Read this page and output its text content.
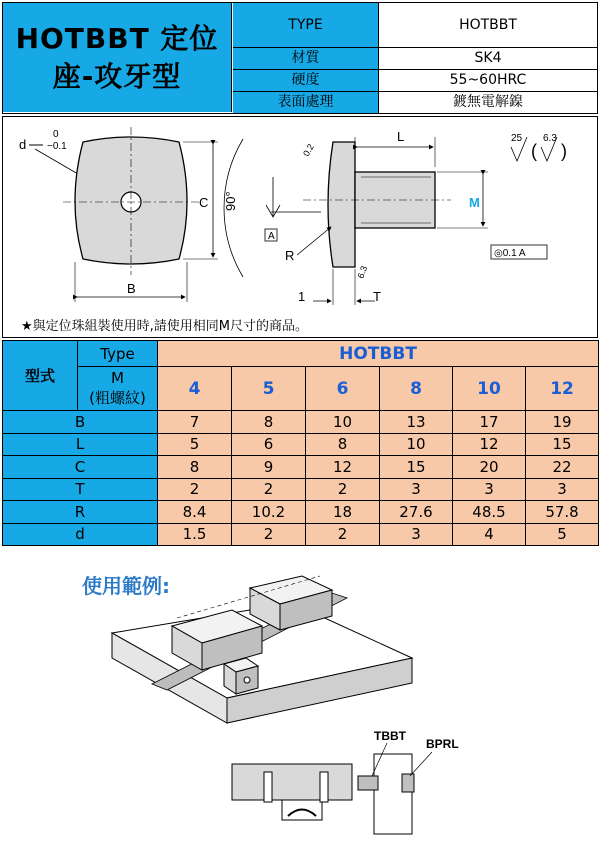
HOTBBT 定位
座-攻牙型
TYPE	HOTBBT
材質	SK4
硬度	55~60HRC
表面處理	鍍無電解鎳
d
0
−0.1
C
B
90°
A
0.2
L
M
◎0.1 A
R
6.3
1	T
25
(
6.3
)
★與定位珠組裝使用時,請使用相同M尺寸的商品。
型式	Type	HOTBBT					

	M
(粗螺紋)	4	5	6	8	10	12
B		7	8	10	13	17	19
L		5	6	8	10	12	15
C		8	9	12	15	20	22
T		2	2	2	3	3	3
R		8.4	10.2	18	27.6	48.5	57.8
d		1.5	2	2	3	4	5
TBBT
BPRL
使用範例:
